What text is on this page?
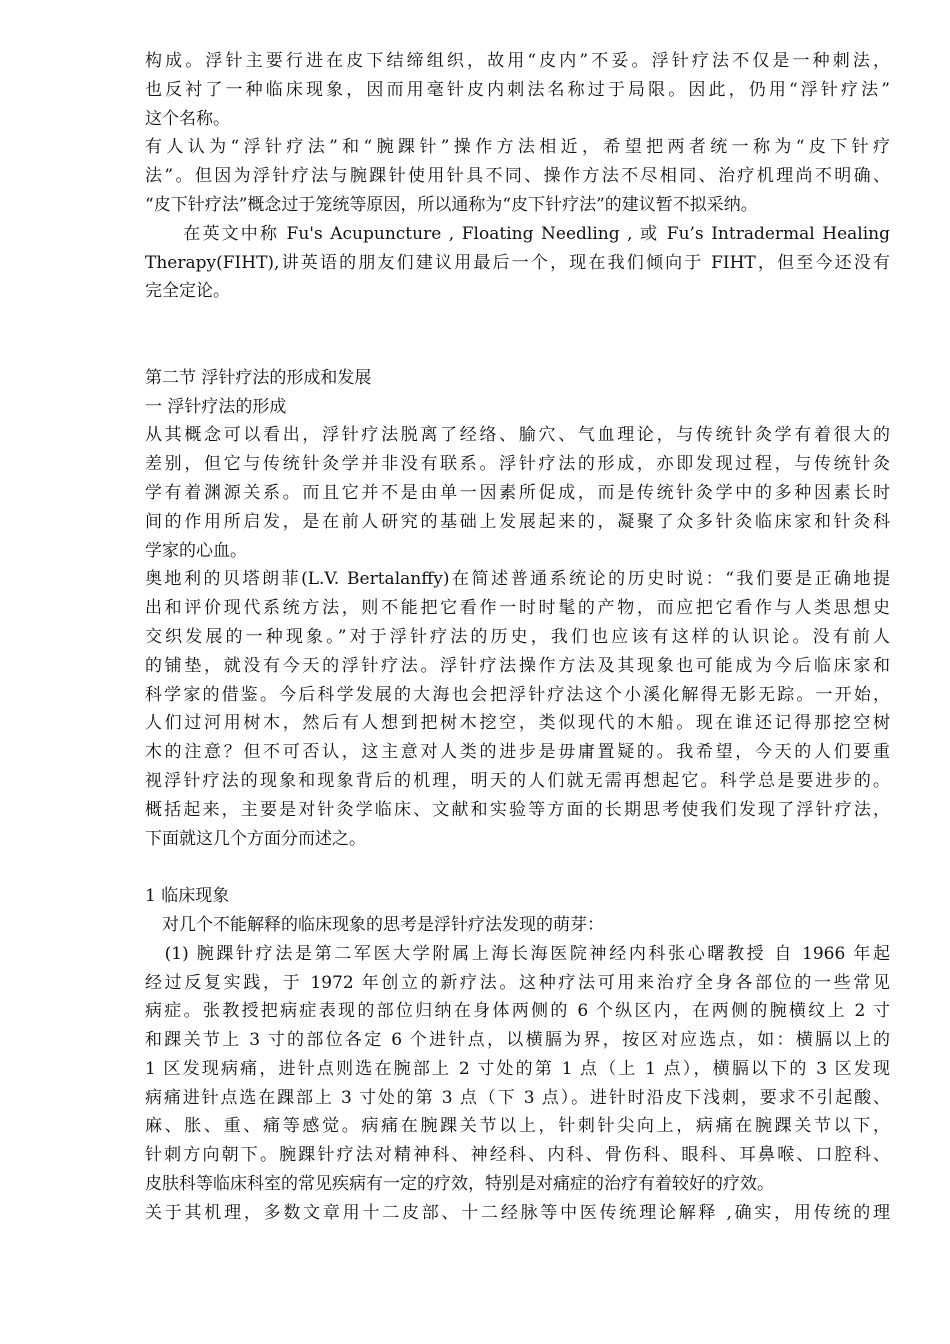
构成。浮针主要行进在皮下结缔组织，故用“皮内”不妥。浮针疗法不仅是一种刺法，
也反衬了一种临床现象，因而用毫针皮内刺法名称过于局限。因此，仍用“浮针疗法”
这个名称。
有人认为“浮针疗法”和“腕踝针”操作方法相近，希望把两者统一称为“皮下针疗
法”。但因为浮针疗法与腕踝针使用针具不同、操作方法不尽相同、治疗机理尚不明确、
“皮下针疗法”概念过于笼统等原因，所以通称为“皮下针疗法”的建议暂不拟采纳。
　　在英文中称 Fu's Acupuncture , Floating Needling , 或 Fu’s Intradermal Healing
Therapy(FIHT),讲英语的朋友们建议用最后一个，现在我们倾向于 FIHT，但至今还没有
完全定论。
第二节 浮针疗法的形成和发展
一 浮针疗法的形成
从其概念可以看出，浮针疗法脱离了经络、腧穴、气血理论，与传统针灸学有着很大的
差别，但它与传统针灸学并非没有联系。浮针疗法的形成，亦即发现过程，与传统针灸
学有着渊源关系。而且它并不是由单一因素所促成，而是传统针灸学中的多种因素长时
间的作用所启发，是在前人研究的基础上发展起来的，凝聚了众多针灸临床家和针灸科
学家的心血。
奥地利的贝塔朗菲(L.V. Bertalanffy)在简述普通系统论的历史时说：“我们要是正确地提
出和评价现代系统方法，则不能把它看作一时时髦的产物，而应把它看作与人类思想史
交织发展的一种现象。”对于浮针疗法的历史，我们也应该有这样的认识论。没有前人
的铺垫，就没有今天的浮针疗法。浮针疗法操作方法及其现象也可能成为今后临床家和
科学家的借鉴。今后科学发展的大海也会把浮针疗法这个小溪化解得无影无踪。一开始，
人们过河用树木，然后有人想到把树木挖空，类似现代的木船。现在谁还记得那挖空树
木的注意？但不可否认，这主意对人类的进步是毋庸置疑的。我希望，今天的人们要重
视浮针疗法的现象和现象背后的机理，明天的人们就无需再想起它。科学总是要进步的。
概括起来，主要是对针灸学临床、文献和实验等方面的长期思考使我们发现了浮针疗法，
下面就这几个方面分而述之。
1 临床现象
　对几个不能解释的临床现象的思考是浮针疗法发现的萌芽：
　(1) 腕踝针疗法是第二军医大学附属上海长海医院神经内科张心曙教授 自 1966 年起
经过反复实践，于 1972 年创立的新疗法。这种疗法可用来治疗全身各部位的一些常见
病症。张教授把病症表现的部位归纳在身体两侧的 6 个纵区内，在两侧的腕横纹上 2 寸
和踝关节上 3 寸的部位各定 6 个进针点，以横膈为界，按区对应选点，如：横膈以上的
1 区发现病痛，进针点则选在腕部上 2 寸处的第 1 点（上 1 点），横膈以下的 3 区发现
病痛进针点选在踝部上 3 寸处的第 3 点（下 3 点）。进针时沿皮下浅刺，要求不引起酸、
麻、胀、重、痛等感觉。病痛在腕踝关节以上，针刺针尖向上，病痛在腕踝关节以下，
针刺方向朝下。腕踝针疗法对精神科、神经科、内科、骨伤科、眼科、耳鼻喉、口腔科、
皮肤科等临床科室的常见疾病有一定的疗效，特别是对痛症的治疗有着较好的疗效。
关于其机理，多数文章用十二皮部、十二经脉等中医传统理论解释 ,确实，用传统的理
